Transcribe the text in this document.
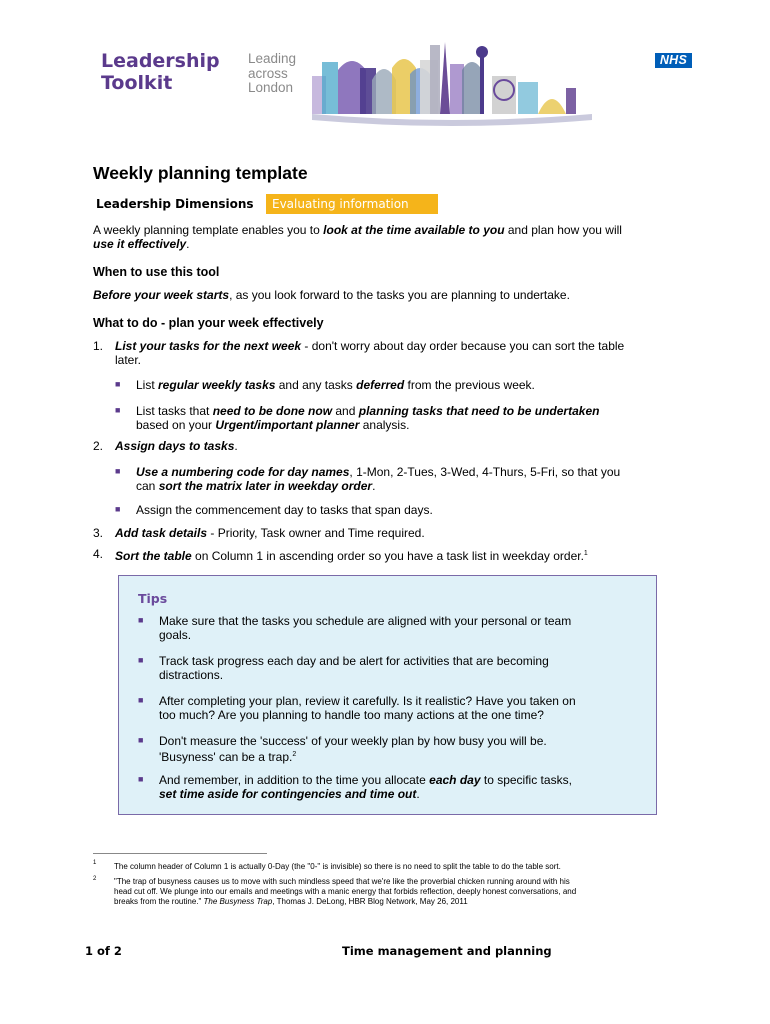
Leadership
Toolkit
Leading
across
London
NHS
Weekly planning template
Leadership Dimensions	Evaluating information
A weekly planning template enables you to look at the time available to you and plan how you will
use it effectively.
When to use this tool
Before your week starts, as you look forward to the tasks you are planning to undertake.
What to do - plan your week effectively
1. List your tasks for the next week - don't worry about day order because you can sort the table
later.
■ List regular weekly tasks and any tasks deferred from the previous week.
■ List tasks that need to be done now and planning tasks that need to be undertaken
based on your Urgent/important planner analysis.
2. Assign days to tasks.
■ Use a numbering code for day names, 1-Mon, 2-Tues, 3-Wed, 4-Thurs, 5-Fri, so that you
can sort the matrix later in weekday order.
■ Assign the commencement day to tasks that span days.
3. Add task details - Priority, Task owner and Time required.
4. Sort the table on Column 1 in ascending order so you have a task list in weekday order.$^1$
Tips
■ Make sure that the tasks you schedule are aligned with your personal or team
goals.
■ Track task progress each day and be alert for activities that are becoming
distractions.
■ After completing your plan, review it carefully. Is it realistic? Have you taken on
too much? Are you planning to handle too many actions at the one time?
■ Don't measure the 'success' of your weekly plan by how busy you will be.
'Busyness' can be a trap.$^2$
■ And remember, in addition to the time you allocate each day to specific tasks,
set time aside for contingencies and time out.
1 The column header of Column 1 is actually 0-Day (the "0-" is invisible) so there is no need to split the table to do the table sort.
2 "The trap of busyness causes us to move with such mindless speed that we're like the proverbial chicken running around with his
head cut off. We plunge into our emails and meetings with a manic energy that forbids reflection, deeply honest conversations, and
breaks from the routine." The Busyness Trap, Thomas J. DeLong, HBR Blog Network, May 26, 2011
1 of 2	Time management and planning
